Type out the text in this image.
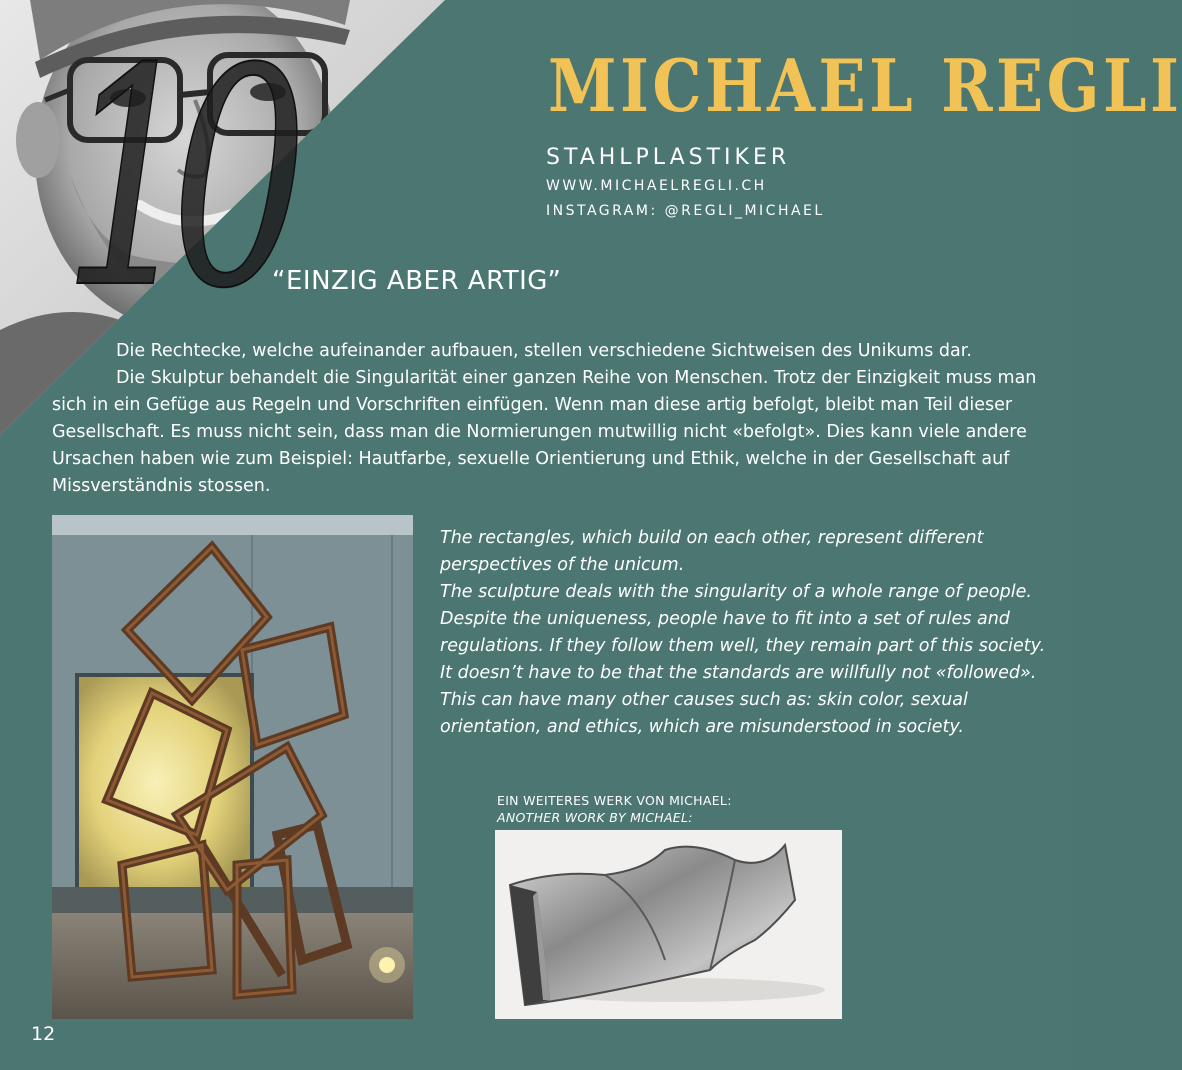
10	MICHAEL REGLI
STAHLPLASTIKER
WWW.MICHAELREGLI.CH
INSTAGRAM: @REGLI_MICHAEL
“EINZIG ABER ARTIG”

Die Rechtecke, welche aufeinander aufbauen, stellen verschiedene Sichtweisen des Unikums dar.

Die Skulptur behandelt die Singularität einer ganzen Reihe von Menschen. Trotz der Einzigkeit muss man sich in ein Gefüge aus Regeln und Vorschriften einfügen. Wenn man diese artig befolgt, bleibt man Teil dieser Gesellschaft. Es muss nicht sein, dass man die Normierungen mutwillig nicht «befolgt». Dies kann viele andere Ursachen haben wie zum Beispiel: Hautfarbe, sexuelle Orientierung und Ethik, welche in der Gesellschaft auf Missverständnis stossen.

The rectangles, which build on each other, represent different perspectives of the unicum.

The sculpture deals with the singularity of a whole range of people. Despite the uniqueness, people have to fit into a set of rules and regulations. If they follow them well, they remain part of this society.

It doesn’t have to be that the standards are willfully not «followed». This can have many other causes such as: skin color, sexual orientation, and ethics, which are misunderstood in society.

EIN WEITERES WERK VON MICHAEL:
ANOTHER WORK BY MICHAEL:
12
